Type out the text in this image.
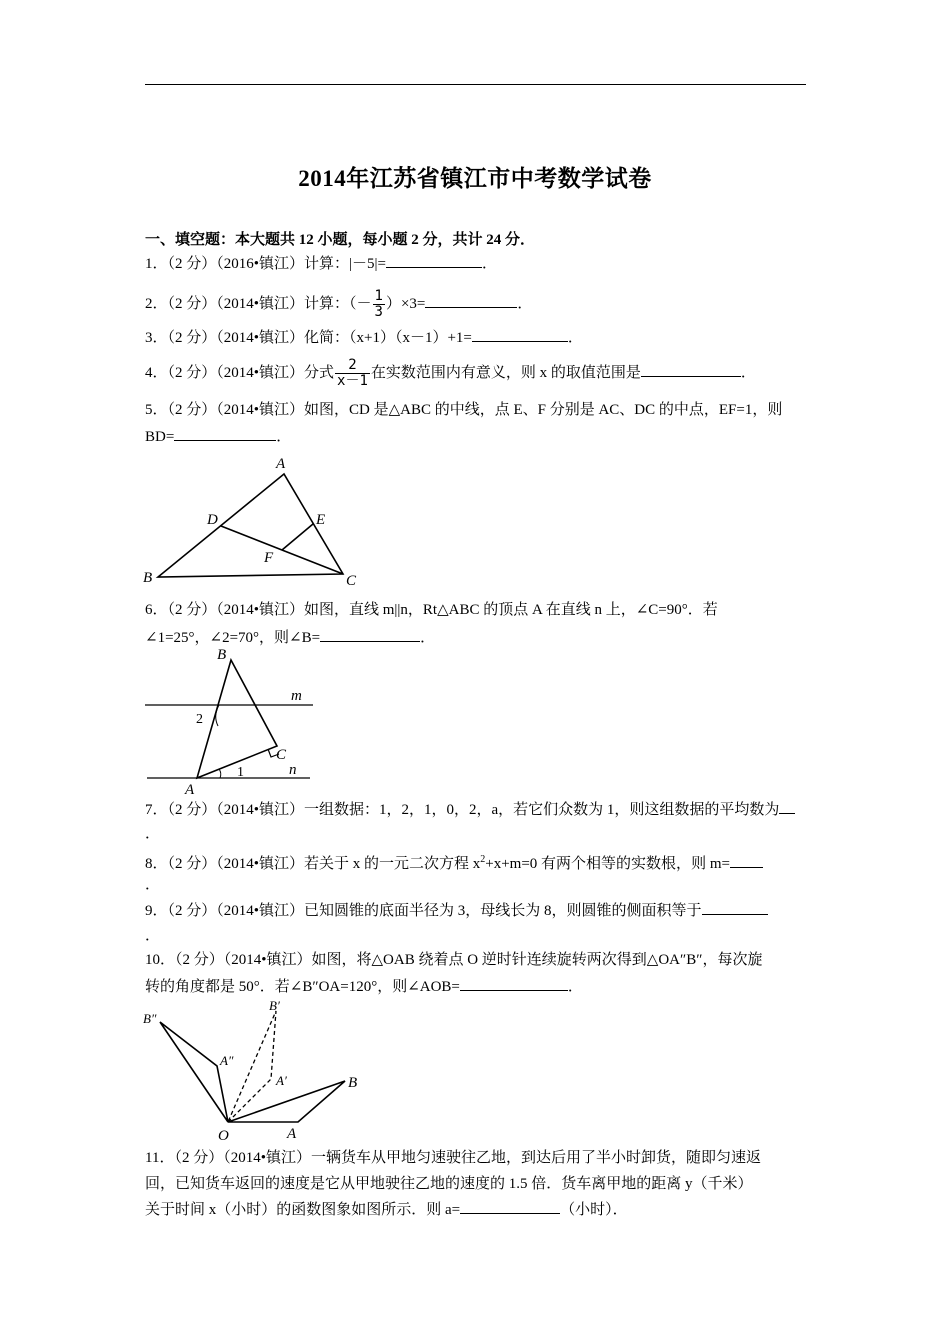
2014年江苏省镇江市中考数学试卷
一、填空题：本大题共 12 小题，每小题 2 分，共计 24 分．
1．（2 分）（2016•镇江）计算：|－5|=	．
2．（2 分）（2014•镇江）计算：（－ $\frac{1}{3} )\times 3=$	．
3．（2 分）（2014•镇江）化简：（x+1）（x－1）+1=	．
4．（2 分）（2014•镇江）分式 $\frac{2}{x-1}$ 在实数范围内有意义，则 x 的取值范围是	．
5．（2 分）（2014•镇江）如图，CD 是△ABC 的中线，点 E、F 分别是 AC、DC 的中点，EF=1，则
BD=	．
A
B	C
D	E
F
6．（2 分）（2014•镇江）如图，直线 m||n，Rt△ABC 的顶点 A 在直线 n 上，∠C=90°．若
∠1=25°，∠2=70°，则∠B=	．
B
A
C
m
n
1
2
7．（2 分）（2014•镇江）一组数据：1，2，1，0，2，a，若它们众数为 1，则这组数据的平均数为
．
8．（2 分）（2014•镇江）若关于 x 的一元二次方程 $x^2+x+m=0$ 有两个相等的实数根，则 m=
．
9．（2 分）（2014•镇江）已知圆锥的底面半径为 3，母线长为 8，则圆锥的侧面积等于
．
10．（2 分）（2014•镇江）如图，将△OAB 绕着点 O 逆时针连续旋转两次得到△OA″B″，每次旋
转的角度都是 50°．若∠B″OA=120°，则∠AOB=	．
O	A
B
A′
B′
A″
B″
11．（2 分）（2014•镇江）一辆货车从甲地匀速驶往乙地，到达后用了半小时卸货，随即匀速返
回，已知货车返回的速度是它从甲地驶往乙地的速度的 1.5 倍．货车离甲地的距离 y（千米）
关于时间 x（小时）的函数图象如图所示．则 a=	（小时）．
